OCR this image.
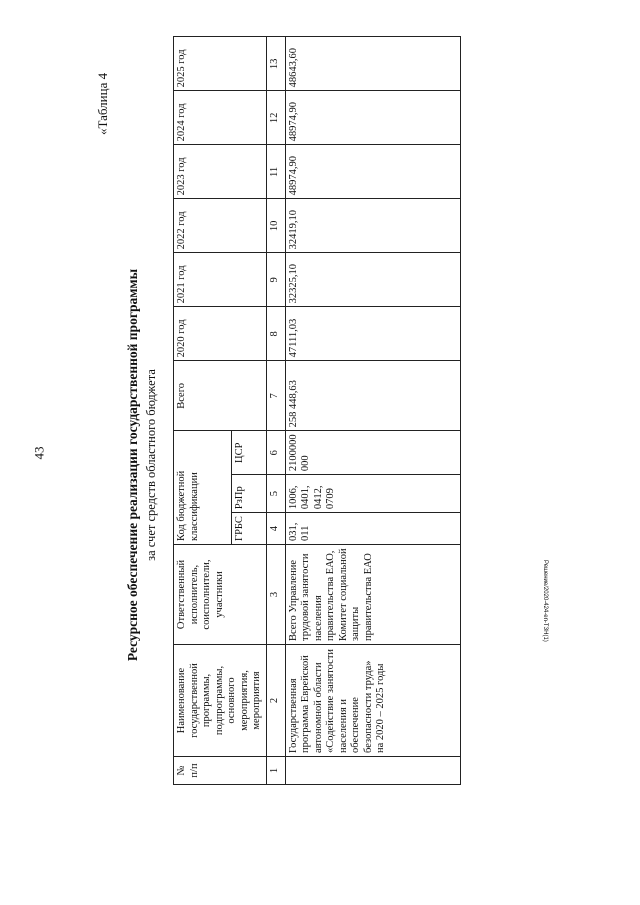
43
Решение/2020-424-en-ТЗН(1)
«Таблица 4
Ресурсное обеспечение реализации государственной программы за счет средств областного бюджета
№ п/п	Наименование государственной программы, подпрограммы, основного мероприятия, мероприятия	Ответственный исполнитель, соисполнители, участники	Код бюджетной классификации			Всего	2020 год	2021 год	2022 год	2023 год	2024 год	2025 год
			ГРБС	РзПр	ЦСР							
1	2	3	4	5	6	7	8	9	10	11	12	13
	Государственная программа Еврейской автономной области «Содействие занятости населения и обеспечение безопасности труда» на 2020 – 2025 годы	Всего Управление трудовой занятости населения правительства ЕАО, Комитет социальной защиты правительства ЕАО	031, 011	1006, 0401, 0412, 0709	2100000 000	258 448,63	47111,03	32325,10	32419,10	48974,90	48974,90	48643,60
